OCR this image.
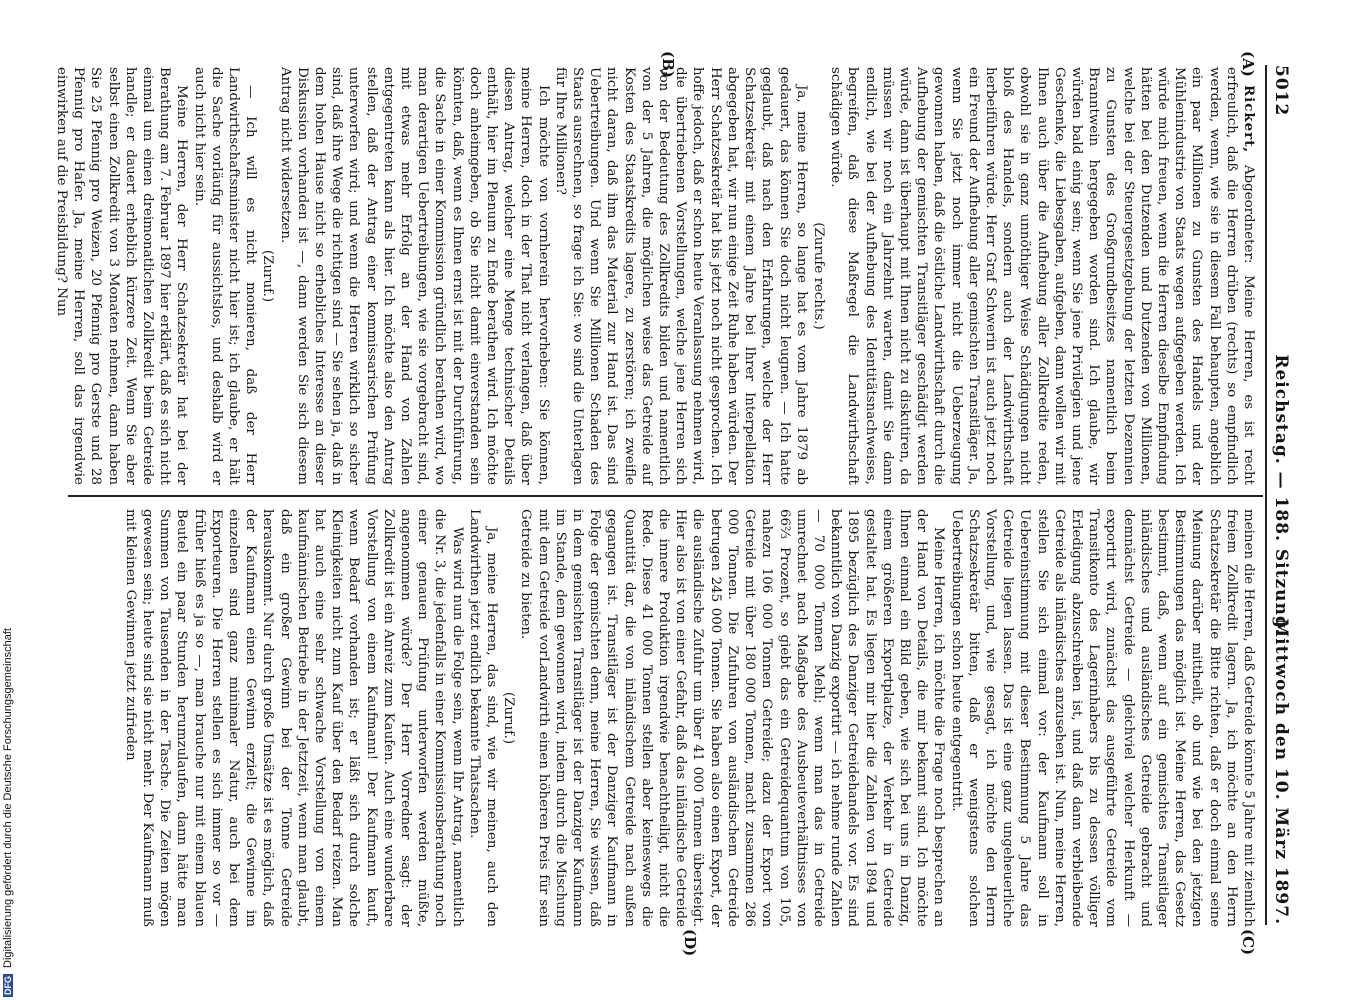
5012
Reichstag. — 188. Sitzung.
Mittwoch den 10. März 1897.
(A)
(B)
(C)
(D)

Rickert, Abgeordneter: Meine Herren, es ist recht erfreulich, daß die Herren drüben (rechts) so empfindlich werden, wenn, wie sie in diesem Fall behaupten, angeblich ein paar Millionen zu Gunsten des Handels und der Mühlenindustrie von Staats wegen aufgegeben werden. Ich würde mich freuen, wenn die Herren dieselbe Empfindung hätten bei den Dutzenden und Dutzenden von Millionen, welche bei der Steuergesetzgebung der letzten Dezennien zu Gunsten des Großgrundbesitzes namentlich beim Branntwein hergegeben worden sind. Ich glaube, wir würden bald einig sein; wenn Sie jene Privilegien und jene Geschenke, die Liebesgaben, aufgeben, dann wollen wir mit Ihnen auch über die Aufhebung aller Zollkredite reden, obwohl sie in ganz unnöthiger Weise Schädigungen nicht bloß des Handels, sondern auch der Landwirthschaft herbeiführen würde. Herr Graf Schwerin ist auch jetzt noch ein Freund der Aufhebung aller gemischten Transitläger. Ja, wenn Sie jetzt noch immer nicht die Ueberzeugung gewonnen haben, daß die östliche Landwirthschaft durch die Aufhebung der gemischten Transitläger geschädigt werden würde, dann ist überhaupt mit Ihnen nicht zu diskutiren, da müssen wir noch ein Jahrzehnt warten, damit Sie dann endlich, wie bei der Aufhebung des Identitätsnachweises, begreifen, daß diese Maßregel die Landwirthschaft schädigen würde.

(Zurufe rechts.)

Ja, meine Herren, so lange hat es vom Jahre 1879 ab gedauert, das können Sie doch nicht leugnen. — Ich hatte geglaubt, daß nach den Erfahrungen, welche der Herr Schatzsekretär mit einem Jahre bei Ihrer Interpellation abgegeben hat, wir nun einige Zeit Ruhe haben würden. Der Herr Schatzsekretär hat bis jetzt noch nicht gesprochen. Ich hoffe jedoch, daß er schon heute Veranlassung nehmen wird, die übertriebenen Vorstellungen, welche jene Herren sich von der Bedeutung des Zollkredits bilden und namentlich von der 5 Jahren, die möglichen weise das Getreide auf Kosten des Staatskredits lagere, zu zerstören; ich zweifle nicht daran, daß ihm das Material zur Hand ist. Das sind Uebertreibungen. Und wenn Sie Millionen Schaden des Staats ausrechnen, so frage ich Sie: wo sind die Unterlagen für Ihre Millionen?

Ich möchte von vornherein hervorheben: Sie können, meine Herren, doch in der That nicht verlangen, daß über diesen Antrag, welcher eine Menge technischer Details enthält, hier im Plenum zu Ende berathen wird. Ich möchte doch anheimgeben, ob Sie nicht damit einverstanden sein könnten, daß, wenn es Ihnen ernst ist mit der Durchführung, die Sache in einer Kommission gründlich berathen wird, wo man derartigen Uebertreibungen, wie sie vorgebracht sind, mit etwas mehr Erfolg an der Hand von Zahlen entgegentreten kann als hier. Ich möchte also den Antrag stellen, daß der Antrag einer kommissarischen Prüfung unterworfen wird; und wenn die Herren wirklich so sicher sind, daß ihre Wege die richtigen sind — Sie sehen ja, daß in dem hohen Hause nicht so erhebliches Interesse an dieser Diskussion vorhanden ist —, dann werden Sie sich diesem Antrag nicht widersetzen.

(Zuruf.)

— Ich will es nicht monieren, daß der Herr Landwirthschaftsminister nicht hier ist; ich glaube, er hält die Sache vorläufig für aussichtslos, und deshalb wird er auch nicht hier sein.

Meine Herren, der Herr Schatzsekretär hat bei der Berathung am 7. Februar 1897 hier erklärt, daß es sich nicht einmal um einen dreimonatlichen Zollkredit beim Getreide handle; er dauert erheblich kürzere Zeit. Wenn Sie aber selbst einen Zollkredit von 3 Monaten nehmen, dann haben Sie 25 Pfennig pro Weizen, 20 Pfennig pro Gerste und 28 Pfennig pro Hafer. Ja, meine Herren, soll das irgendwie einwirken auf die Preisbildung? Nun

meinen die Herren, daß Getreide könnte 5 Jahre mit ziemlich freiem Zollkredit lagern. Ja, ich möchte an den Herrn Schatzsekretär die Bitte richten, daß er doch einmal seine Meinung darüber mittheilt, ob und wie bei den jetzigen Bestimmungen das möglich ist. Meine Herren, das Gesetz bestimmt, daß, wenn auf ein gemischtes Transitlager inländisches und ausländisches Getreide gebracht und demnächst Getreide — gleichviel welcher Herkunft — exportirt wird, zunächst das ausgeführte Getreide vom Transitkonto des Lagerinhabers bis zu dessen völliger Erledigung abzuschreiben ist, und daß dann verbleibende Getreide als inländisches anzusehen ist. Nun, meine Herren, stellen Sie sich einmal vor: der Kaufmann soll in Uebereinstimmung mit dieser Bestimmung 5 Jahre das Getreide liegen lassen. Das ist eine ganz ungeheuerliche Vorstellung, und, wie gesagt, ich möchte den Herrn Schatzsekretär bitten, daß er wenigstens solchen Uebertreibungen schon heute entgegentritt.

Meine Herren, ich möchte die Frage noch besprechen an der Hand von Details, die mir bekannt sind. Ich möchte Ihnen einmal ein Bild geben, wie sich bei uns in Danzig, einem größeren Exportplatze, der Verkehr in Getreide gestaltet hat. Es liegen mir hier die Zahlen von 1894 und 1895 bezüglich des Danziger Getreidehandels vor. Es sind bekanntlich von Danzig exportirt — ich nehme runde Zahlen — 70 000 Tonnen Mehl; wenn man das in Getreide umrechnet nach Maßgabe des Ausbeuteverhältnisses von 66⅔ Prozent, so giebt das ein Getreidequantum von 105, nahezu 106 000 Tonnen Getreide; dazu der Export von Getreide mit über 180 000 Tonnen, macht zusammen 286 000 Tonnen. Die Zufuhren von ausländischem Getreide betrugen 245 000 Tonnen. Sie haben also einen Export, der die ausländische Zufuhr um über 41 000 Tonnen übersteigt. Hier also ist von einer Gefahr, daß das inländische Getreide die innere Produktion irgendwie benachtheiligt, nicht die Rede. Diese 41 000 Tonnen stellen aber keineswegs die Quantität dar, die von inländischem Getreide nach außen gegangen ist. Transitläger ist der Danziger Kaufmann in Folge der gemischten denn, meine Herren, Sie wissen, daß in dem gemischten Transitläger ist der Danziger Kaufmann im Stande, dem gewonnen wird, indem durch die Mischung mit dem Getreide vorLandwirth einen höheren Preis für sein Getreide zu bieten.

(Zuruf.)

Ja, meine Herren, das sind, wie wir meinen, auch den Landwirthen jetzt endlich bekannte Thatsachen.

Was wird nun die Folge sein, wenn Ihr Antrag, namentlich die Nr. 3, die jedenfalls in einer Kommissionsberathung noch einer genauen Prüfung unterworfen werden müßte, angenommen würde? Der Herr Vorredner sagt: der Zollkredit ist ein Anreiz zum Kaufen. Auch eine wunderbare Vorstellung von einem Kaufmann! Der Kaufmann kauft, wenn Bedarf vorhanden ist; er läßt sich durch solche Kleinigkeiten nicht zum Kauf über den Bedarf reizen. Man hat auch eine sehr schwache Vorstellung von einem kaufmännischen Betriebe in der Jetztzeit, wenn man glaubt, daß ein großer Gewinn bei der Tonne Getreide herauskommt. Nur durch große Umsätze ist es möglich, daß der Kaufmann einen Gewinn erzielt; die Gewinne im einzelnen sind ganz minimaler Natur, auch bei dem Exporteuren. Die Herren stellen es sich immer so vor — früher hieß es ja so —, man brauche nur mit einem blauen Beutel ein paar Stunden herumzulaufen, dann hätte man Summen von Tausenden in der Tasche. Die Zeiten mögen gewesen sein; heute sind sie nicht mehr. Der Kaufmann muß mit kleinen Gewinnen jetzt zufrieden

DFGDigitalisierung gefördert durch die Deutsche Forschungsgemeinschaft
